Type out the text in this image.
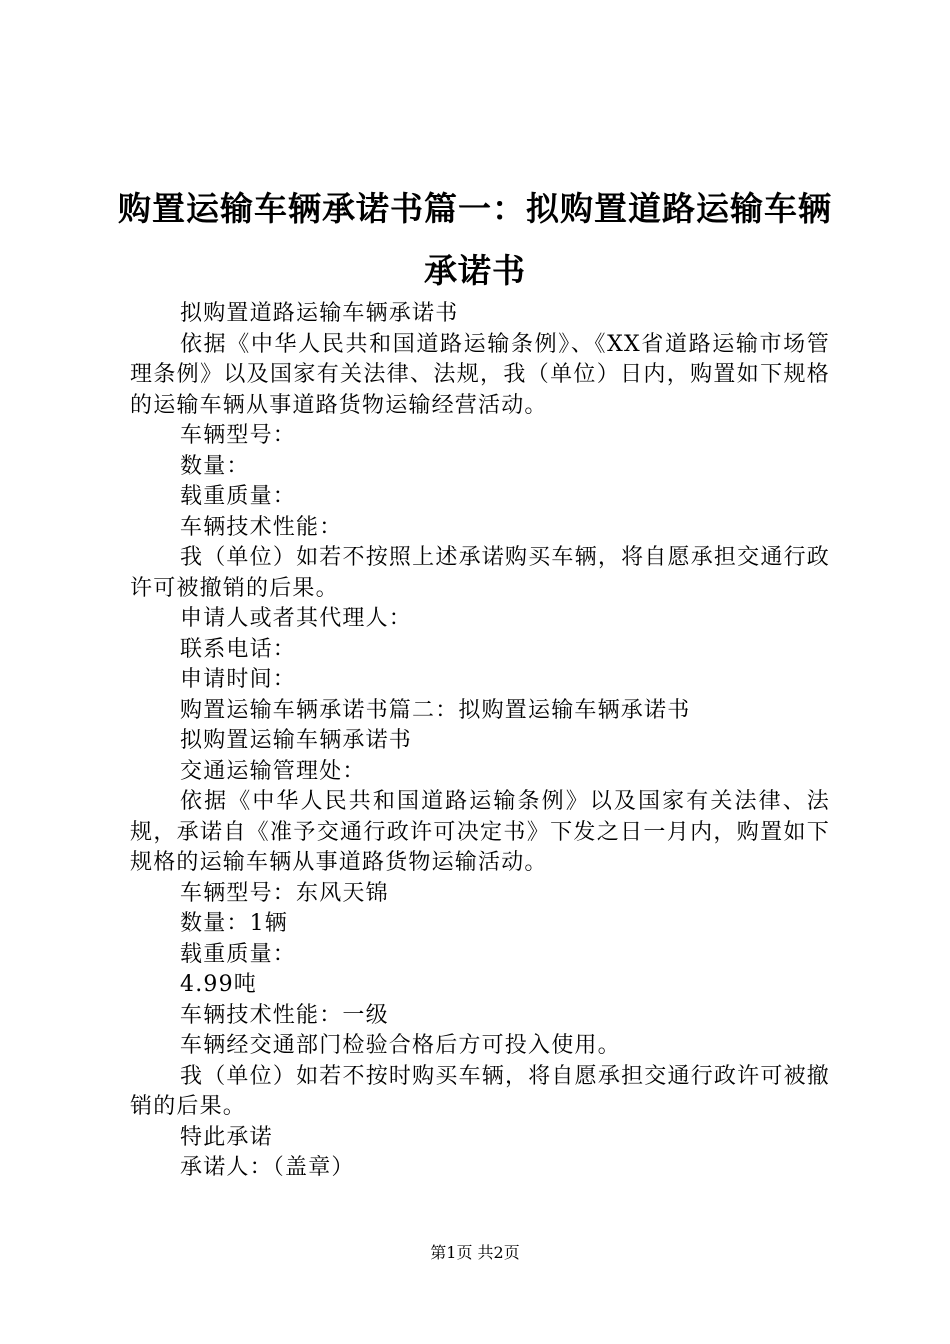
购置运输车辆承诺书篇一：拟购置道路运输车辆承诺书

拟购置道路运输车辆承诺书

依据《中华人民共和国道路运输条例》、《XX省道路运输市场管理条例》以及国家有关法律、法规，我（单位）日内，购置如下规格的运输车辆从事道路货物运输经营活动。

车辆型号：

数量：

载重质量：

车辆技术性能：

我（单位）如若不按照上述承诺购买车辆，将自愿承担交通行政许可被撤销的后果。

申请人或者其代理人：

联系电话：

申请时间：

购置运输车辆承诺书篇二：拟购置运输车辆承诺书

拟购置运输车辆承诺书

交通运输管理处：

依据《中华人民共和国道路运输条例》以及国家有关法律、法规，承诺自《准予交通行政许可决定书》下发之日一月内，购置如下规格的运输车辆从事道路货物运输活动。

车辆型号：东风天锦

数量：1辆

载重质量：

4.99吨

车辆技术性能：一级

车辆经交通部门检验合格后方可投入使用。

我（单位）如若不按时购买车辆，将自愿承担交通行政许可被撤销的后果。

特此承诺

承诺人：（盖章）

第1页 共2页
